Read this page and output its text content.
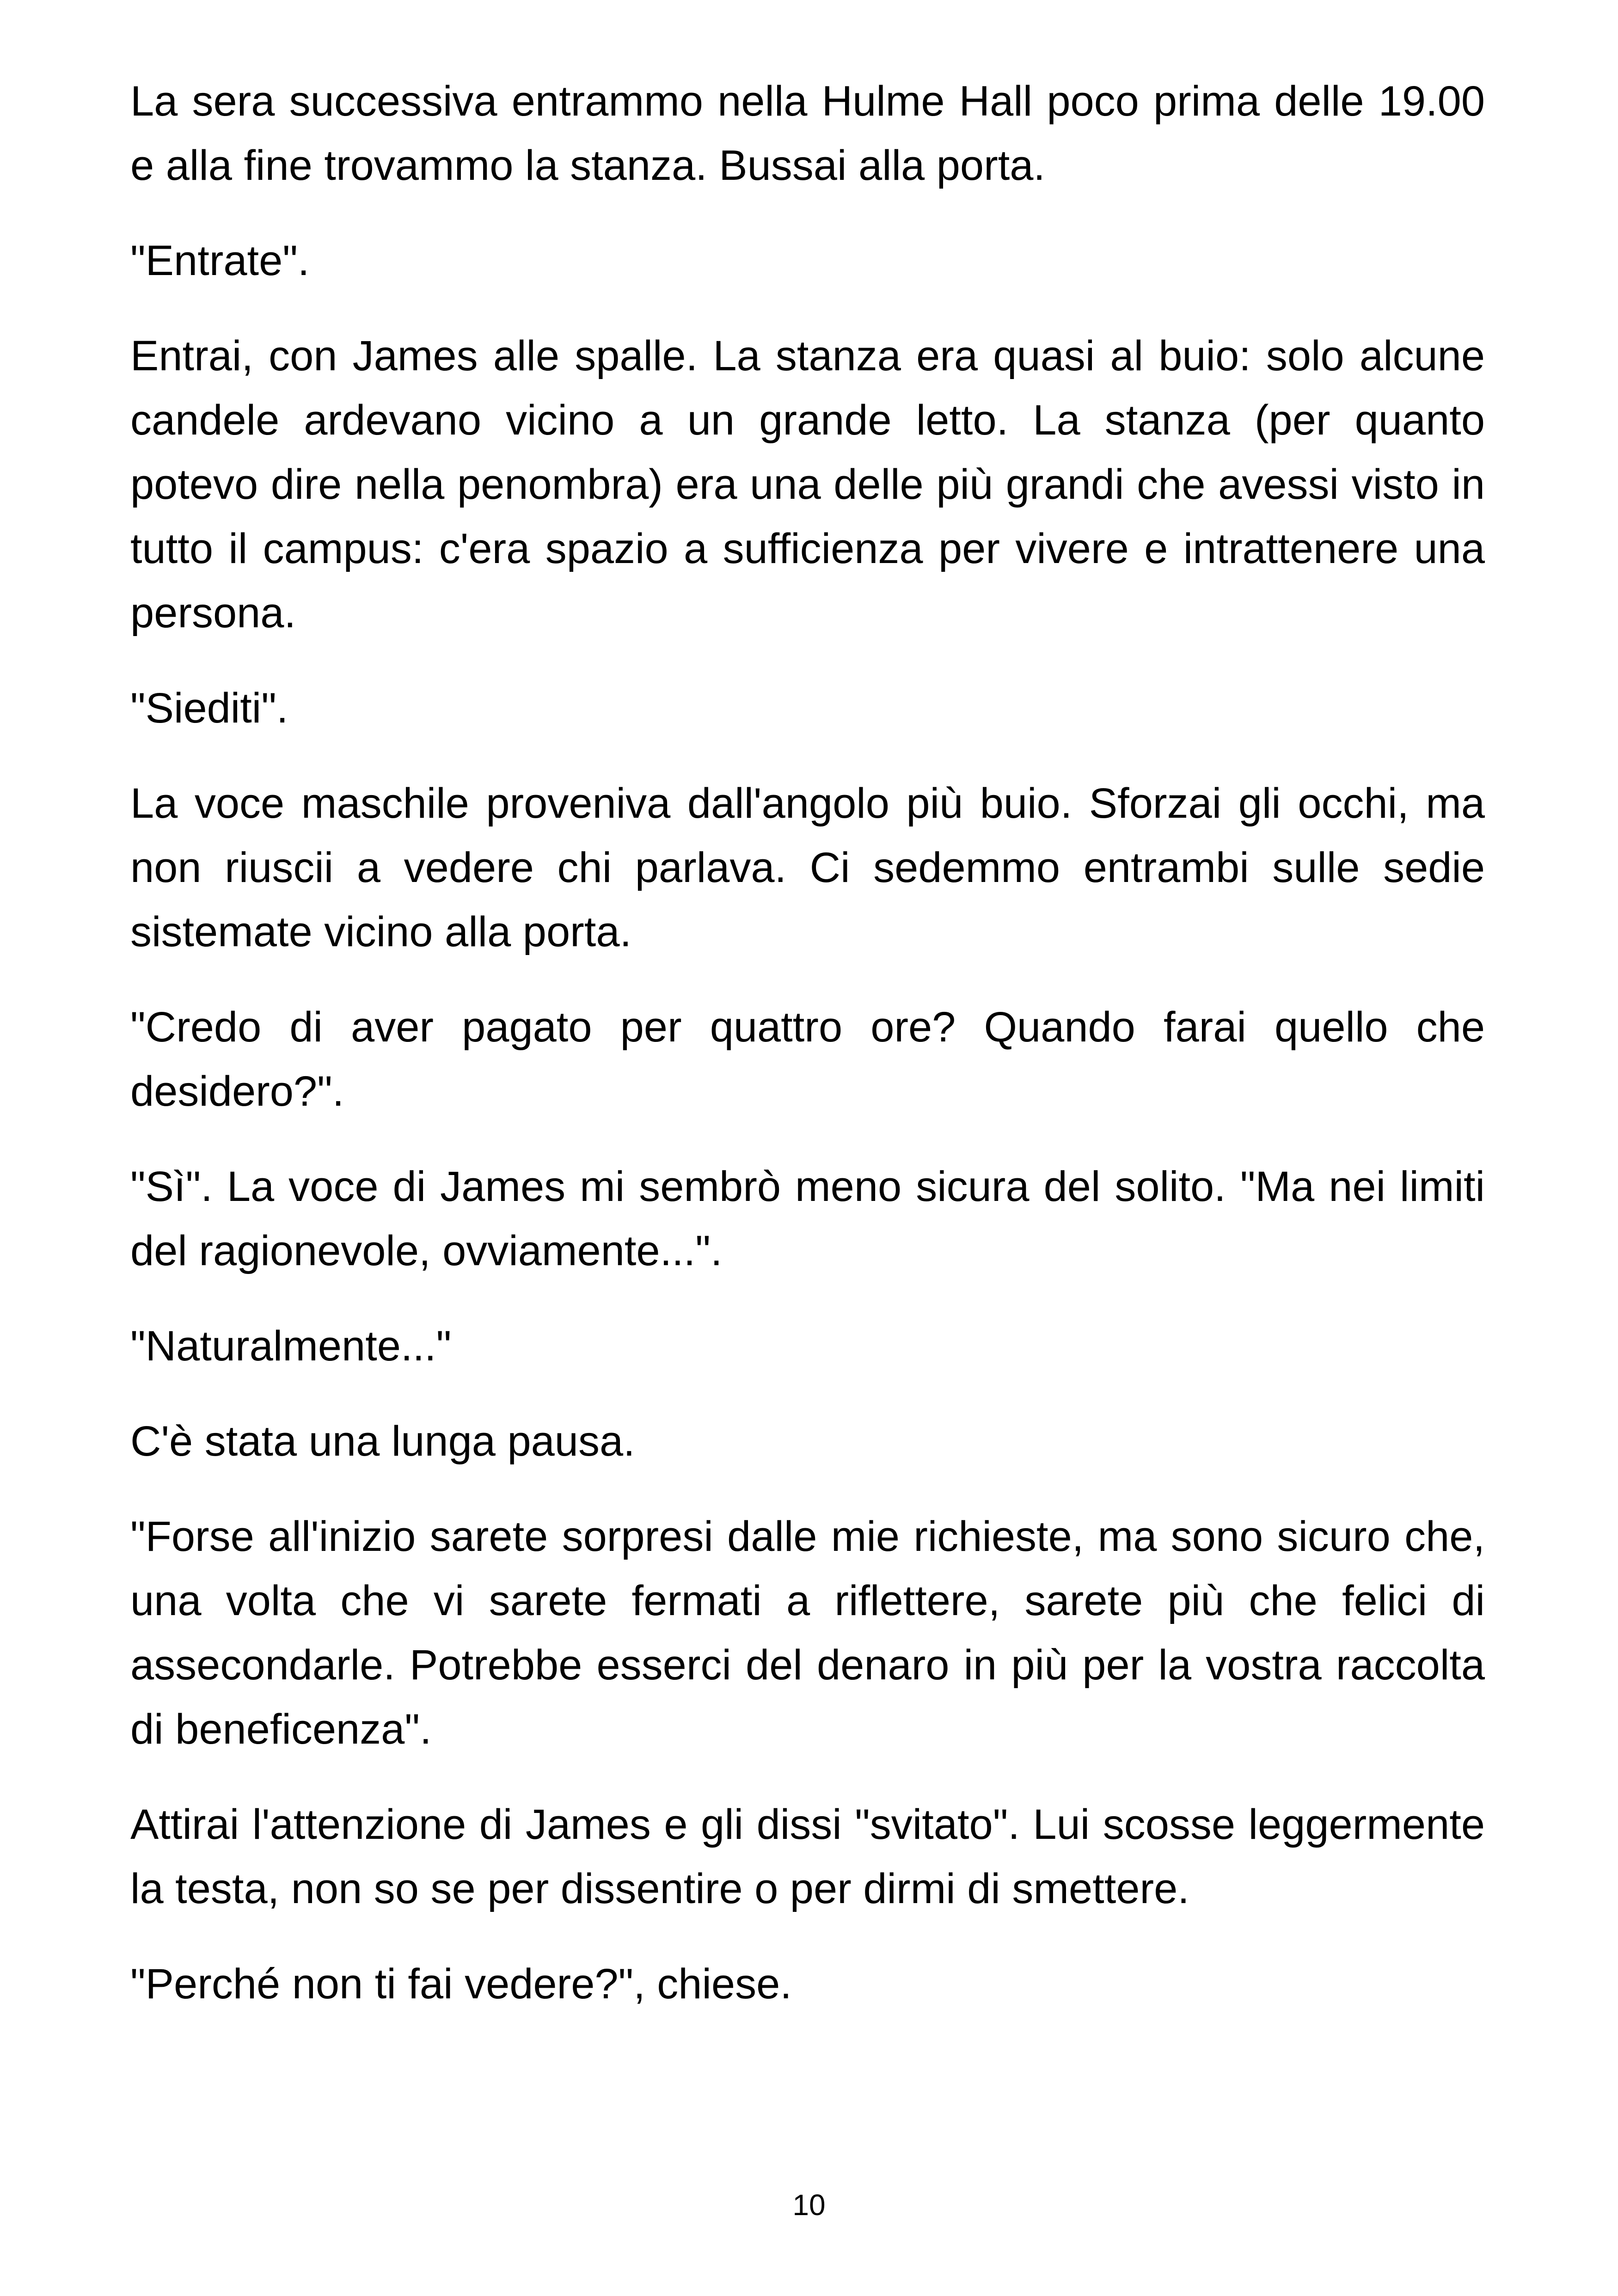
La sera successiva entrammo nella Hulme Hall poco prima delle 19.00 e alla fine trovammo la stanza. Bussai alla porta.

"Entrate".

Entrai, con James alle spalle. La stanza era quasi al buio: solo alcune candele ardevano vicino a un grande letto. La stanza (per quanto potevo dire nella penombra) era una delle più grandi che avessi visto in tutto il campus: c'era spazio a sufficienza per vivere e intrattenere una persona.

"Siediti".

La voce maschile proveniva dall'angolo più buio. Sforzai gli occhi, ma non riuscii a vedere chi parlava. Ci sedemmo entrambi sulle sedie sistemate vicino alla porta.

"Credo di aver pagato per quattro ore? Quando farai quello che desidero?".

"Sì". La voce di James mi sembrò meno sicura del solito. "Ma nei limiti del ragionevole, ovviamente...".

"Naturalmente..."

C'è stata una lunga pausa.

"Forse all'inizio sarete sorpresi dalle mie richieste, ma sono sicuro che, una volta che vi sarete fermati a riflettere, sarete più che felici di assecondarle. Potrebbe esserci del denaro in più per la vostra raccolta di beneficenza".

Attirai l'attenzione di James e gli dissi "svitato". Lui scosse leggermente la testa, non so se per dissentire o per dirmi di smettere.

"Perché non ti fai vedere?", chiese.

10
